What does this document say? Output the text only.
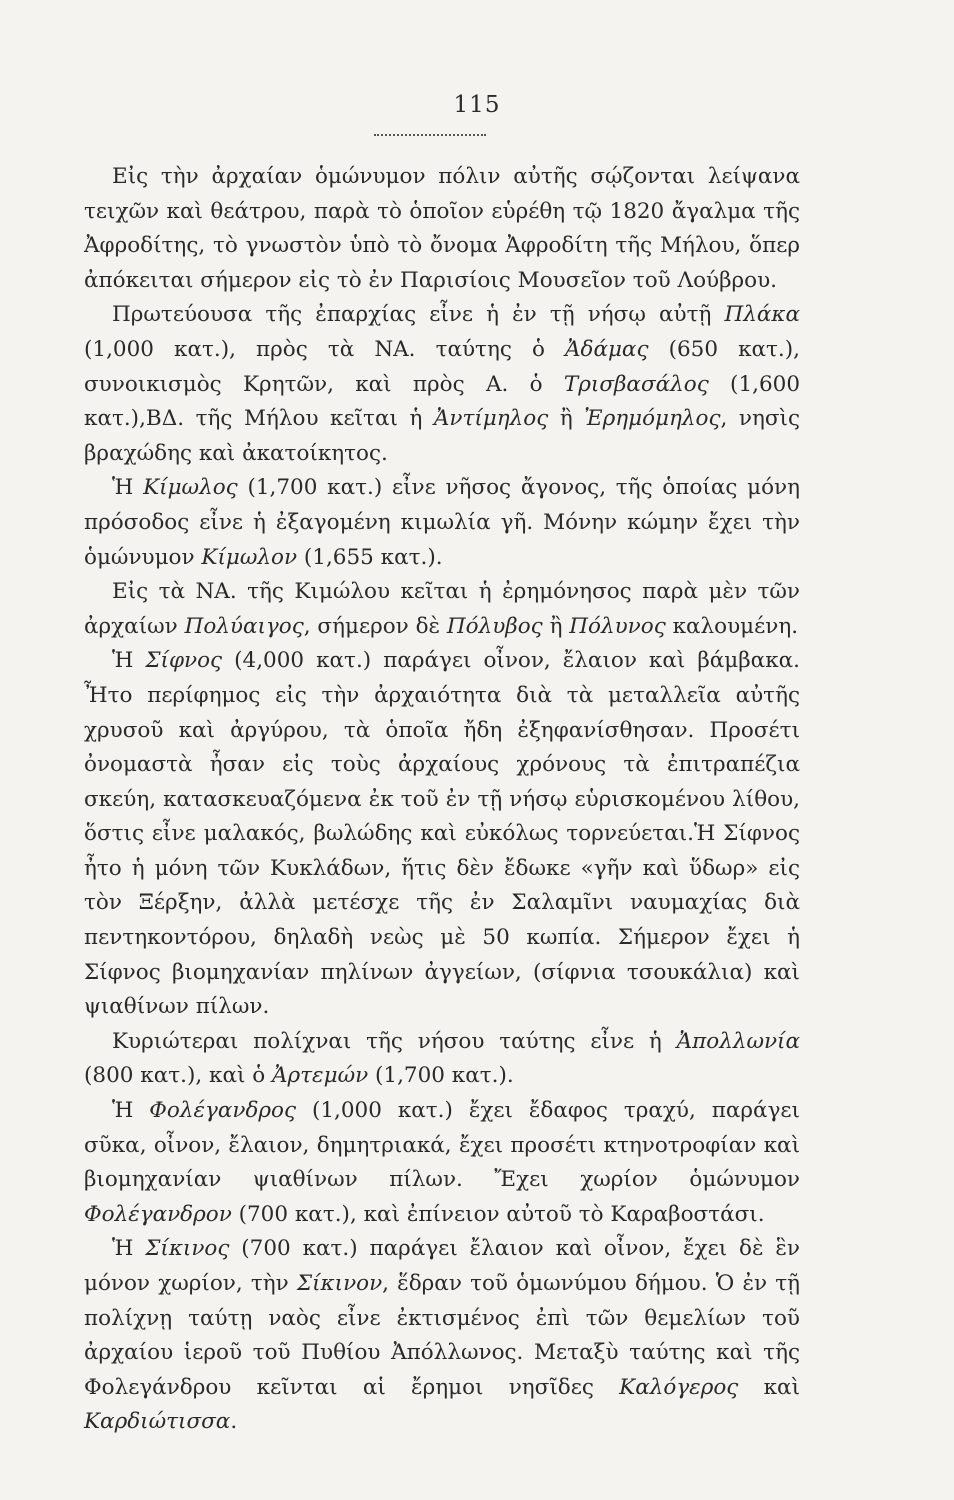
115

Εἰς τὴν ἀρχαίαν ὁμώνυμον πόλιν αὐτῆς σῴζονται λείψανα τειχῶν καὶ θεάτρου, παρὰ τὸ ὁποῖον εὑρέθη τῷ 1820 ἄγαλμα τῆς Ἀφροδίτης, τὸ γνωστὸν ὑπὸ τὸ ὄνομα Ἀφροδίτη τῆς Μήλου, ὅπερ ἀπόκειται σήμερον εἰς τὸ ἐν Παρισίοις Μουσεῖον τοῦ Λούβρου.

Πρωτεύουσα τῆς ἐπαρχίας εἶνε ἡ ἐν τῇ νήσῳ αὐτῇ Πλάκα (1,000 κατ.), πρὸς τὰ ΝΑ. ταύτης ὁ Ἀδάμας (650 κατ.), συνοικισμὸς Κρητῶν, καὶ πρὸς Α. ὁ Τρισβασάλος (1,600 κατ.),ΒΔ. τῆς Μήλου κεῖται ἡ Ἀντίμηλος ἢ Ἐρημόμηλος, νησὶς βραχώδης καὶ ἀκατοίκητος.

Ἡ Κίμωλος (1,700 κατ.) εἶνε νῆσος ἄγονος, τῆς ὁποίας μόνη πρόσοδος εἶνε ἡ ἐξαγομένη κιμωλία γῆ. Μόνην κώμην ἔχει τὴν ὁμώνυμον Κίμωλον (1,655 κατ.).

Εἰς τὰ ΝΑ. τῆς Κιμώλου κεῖται ἡ ἐρημόνησος παρὰ μὲν τῶν ἀρχαίων Πολύαιγος, σήμερον δὲ Πόλυβος ἢ Πόλυνος καλουμένη.

Ἡ Σίφνος (4,000 κατ.) παράγει οἶνον, ἔλαιον καὶ βάμβακα. Ἦτο περίφημος εἰς τὴν ἀρχαιότητα διὰ τὰ μεταλλεῖα αὐτῆς χρυσοῦ καὶ ἀργύρου, τὰ ὁποῖα ἤδη ἐξηφανίσθησαν. Προσέτι ὀνομαστὰ ἦσαν εἰς τοὺς ἀρχαίους χρόνους τὰ ἐπιτραπέζια σκεύη, κατασκευαζόμενα ἐκ τοῦ ἐν τῇ νήσῳ εὑρισκομένου λίθου, ὅστις εἶνε μαλακός, βωλώδης καὶ εὐκόλως τορνεύεται.Ἡ Σίφνος ἦτο ἡ μόνη τῶν Κυκλάδων, ἥτις δὲν ἔδωκε «γῆν καὶ ὕδωρ» εἰς τὸν Ξέρξην, ἀλλὰ μετέσχε τῆς ἐν Σαλαμῖνι ναυμαχίας διὰ πεντηκοντόρου, δηλαδὴ νεὼς μὲ 50 κωπία. Σήμερον ἔχει ἡ Σίφνος βιομηχανίαν πηλίνων ἀγγείων, (σίφνια τσουκάλια) καὶ ψιαθίνων πίλων.

Κυριώτεραι πολίχναι τῆς νήσου ταύτης εἶνε ἡ Ἀπολλωνία (800 κατ.), καὶ ὁ Ἀρτεμών (1,700 κατ.).

Ἡ Φολέγανδρος (1,000 κατ.) ἔχει ἔδαφος τραχύ, παράγει σῦκα, οἶνον, ἔλαιον, δημητριακά, ἔχει προσέτι κτηνοτροφίαν καὶ βιομηχανίαν ψιαθίνων πίλων. Ἔχει χωρίον ὁμώνυμον Φολέγανδρον (700 κατ.), καὶ ἐπίνειον αὐτοῦ τὸ Καραβοστάσι.

Ἡ Σίκινος (700 κατ.) παράγει ἔλαιον καὶ οἶνον, ἔχει δὲ ἓν μόνον χωρίον, τὴν Σίκινον, ἕδραν τοῦ ὁμωνύμου δήμου. Ὁ ἐν τῇ πολίχνῃ ταύτῃ ναὸς εἶνε ἐκτισμένος ἐπὶ τῶν θεμελίων τοῦ ἀρχαίου ἱεροῦ τοῦ Πυθίου Ἀπόλλωνος. Μεταξὺ ταύτης καὶ τῆς Φολεγάνδρου κεῖνται αἱ ἔρημοι νησῖδες Καλόγερος καὶ Καρδιώτισσα.
